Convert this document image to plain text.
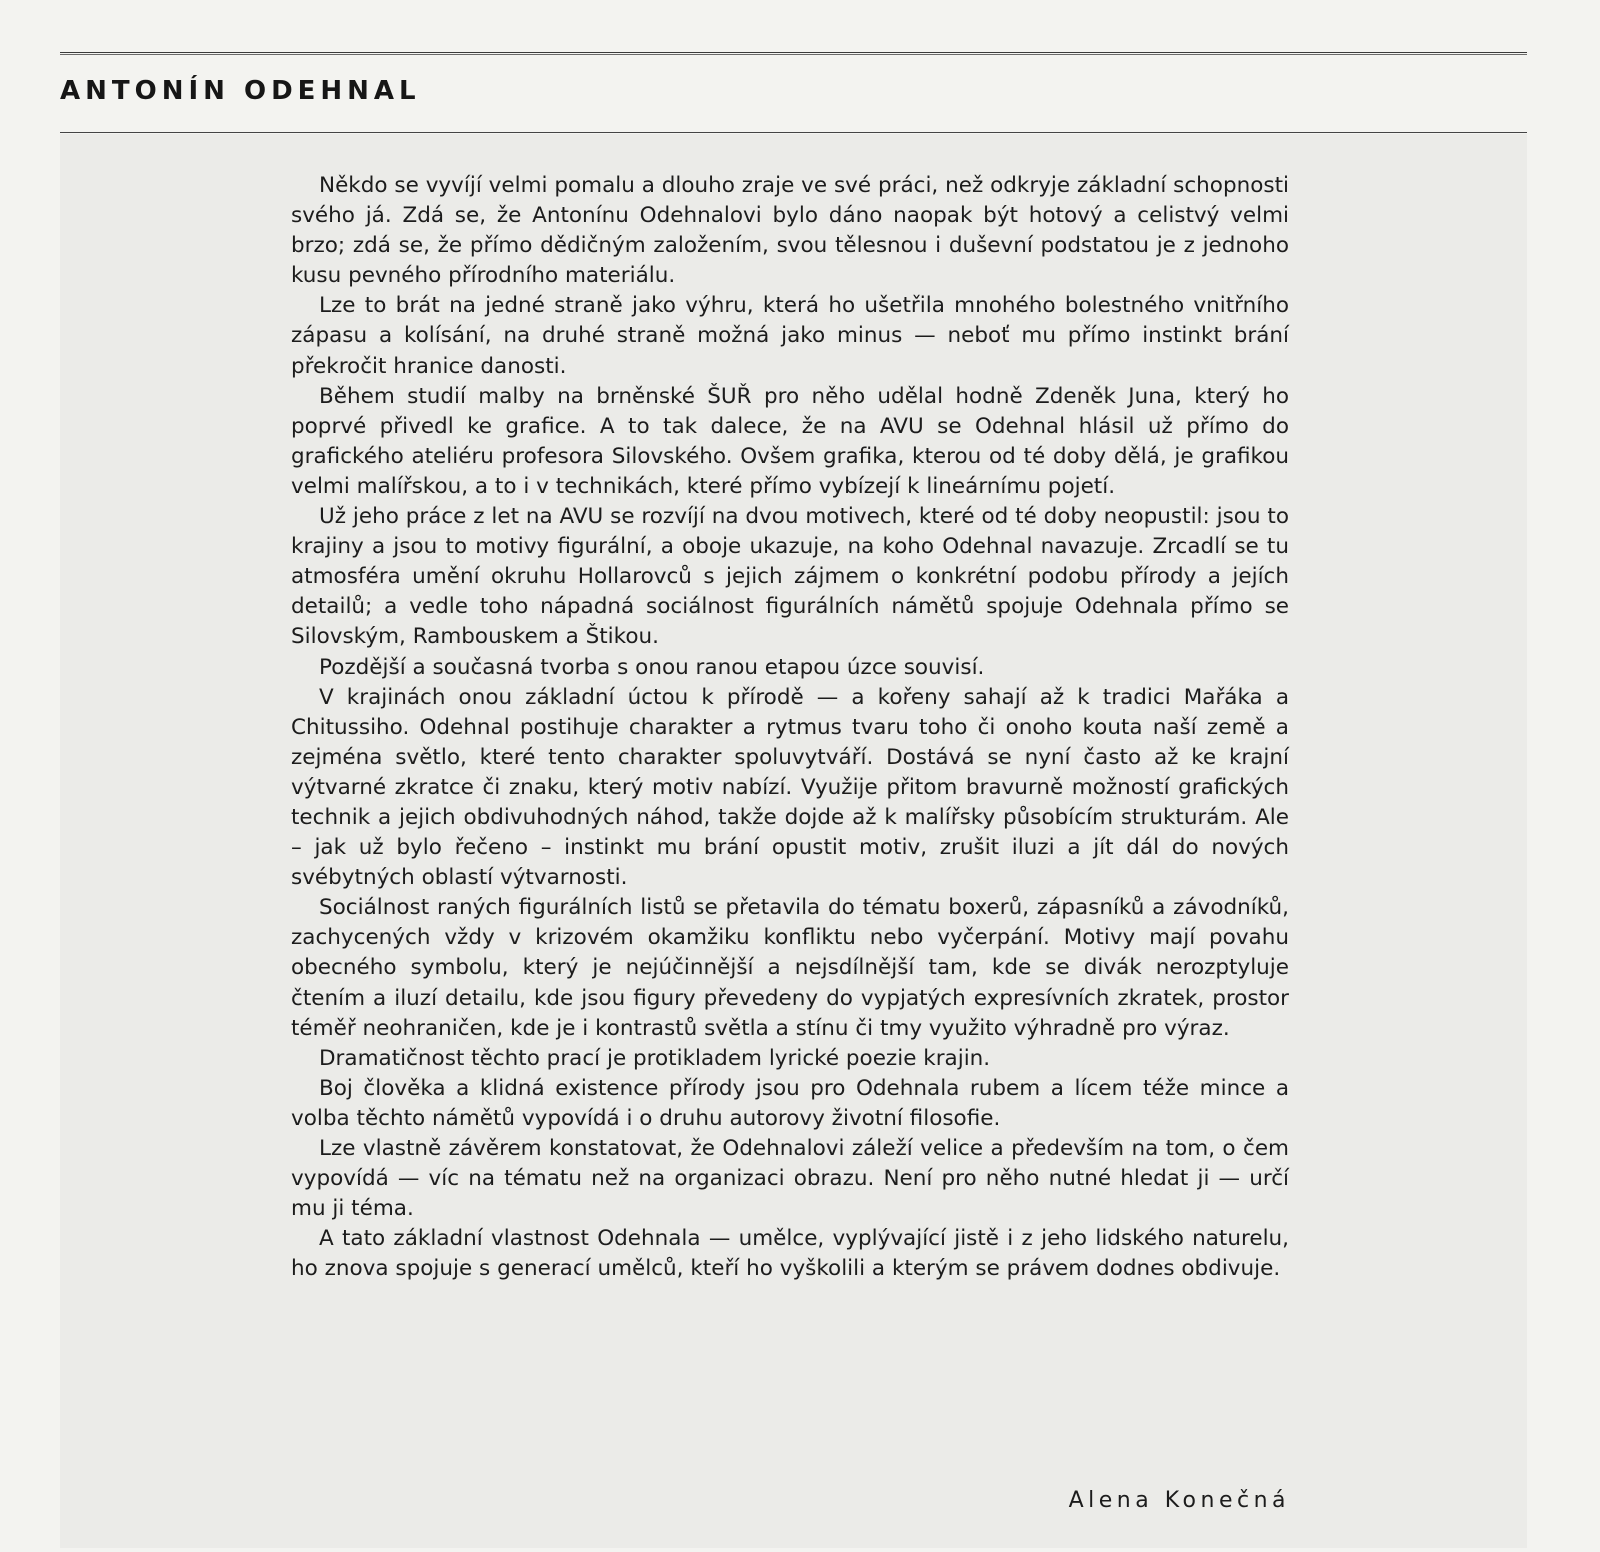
ANTONÍN ODEHNAL

Někdo se vyvíjí velmi pomalu a dlouho zraje ve své práci, než odkryje základní schopnosti svého já. Zdá se, že Antonínu Odehnalovi bylo dáno naopak být hotový a celistvý velmi brzo; zdá se, že přímo dědičným založením, svou tělesnou i duševní podstatou je z jednoho kusu pevného přírodního materiálu.

Lze to brát na jedné straně jako výhru, která ho ušetřila mnohého bolestného vnitřního zápasu a kolísání, na druhé straně možná jako minus — neboť mu přímo instinkt brání překročit hranice danosti.

Během studií malby na brněnské ŠUŘ pro něho udělal hodně Zdeněk Juna, který ho poprvé přivedl ke grafice. A to tak dalece, že na AVU se Odehnal hlásil už přímo do grafického ateliéru profesora Silovského. Ovšem grafika, kterou od té doby dělá, je grafikou velmi malířskou, a to i v technikách, které přímo vybízejí k lineárnímu pojetí.

Už jeho práce z let na AVU se rozvíjí na dvou motivech, které od té doby neopustil: jsou to krajiny a jsou to motivy figurální, a oboje ukazuje, na koho Odehnal navazuje. Zrcadlí se tu atmosféra umění okruhu Hollarovců s jejich zájmem o konkrétní podobu přírody a jejích detailů; a vedle toho nápadná sociálnost figurálních námětů spojuje Odehnala přímo se Silovským, Rambouskem a Štikou.

Pozdější a současná tvorba s onou ranou etapou úzce souvisí.

V krajinách onou základní úctou k přírodě — a kořeny sahají až k tradici Mařáka a Chitussiho. Odehnal postihuje charakter a rytmus tvaru toho či onoho kouta naší země a zejména světlo, které tento charakter spoluvytváří. Dostává se nyní často až ke krajní výtvarné zkratce či znaku, který motiv nabízí. Využije přitom bravurně možností grafických technik a jejich obdivuhodných náhod, takže dojde až k malířsky působícím strukturám. Ale – jak už bylo řečeno – instinkt mu brání opustit motiv, zrušit iluzi a jít dál do nových svébytných oblastí výtvarnosti.

Sociálnost raných figurálních listů se přetavila do tématu boxerů, zápasníků a závodníků, zachycených vždy v krizovém okamžiku konfliktu nebo vyčerpání. Motivy mají povahu obecného symbolu, který je nejúčinnější a nejsdílnější tam, kde se divák nerozptyluje čtením a iluzí detailu, kde jsou figury převedeny do vypjatých expresívních zkratek, prostor téměř neohraničen, kde je i kontrastů světla a stínu či tmy využito výhradně pro výraz.

Dramatičnost těchto prací je protikladem lyrické poezie krajin.

Boj člověka a klidná existence přírody jsou pro Odehnala rubem a lícem téže mince a volba těchto námětů vypovídá i o druhu autorovy životní filosofie.

Lze vlastně závěrem konstatovat, že Odehnalovi záleží velice a především na tom, o čem vypovídá — víc na tématu než na organizaci obrazu. Není pro něho nutné hledat ji — určí mu ji téma.

A tato základní vlastnost Odehnala — umělce, vyplývající jistě i z jeho lidského naturelu, ho znova spojuje s generací umělců, kteří ho vyškolili a kterým se právem dodnes obdivuje.

Alena Konečná
